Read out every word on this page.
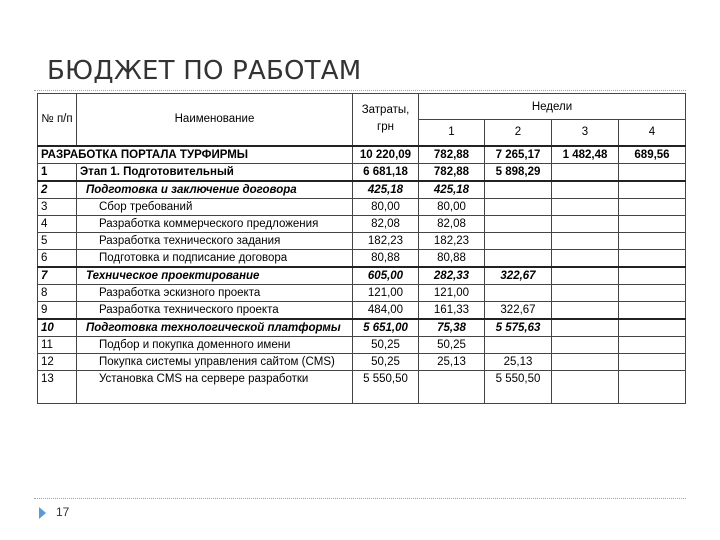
БЮДЖЕТ ПО РАБОТАМ
№ п/п	Наименование	Затраты, грн	Недели			
			1	2	3	4
РАЗРАБОТКА ПОРТАЛА ТУРФИРМЫ		10 220,09	782,88	7 265,17	1 482,48	689,56
1	Этап 1. Подготовительный	6 681,18	782,88	5 898,29		
2	Подготовка и заключение договора	425,18	425,18			
3	Сбор требований	80,00	80,00			
4	Разработка коммерческого предложения	82,08	82,08			
5	Разработка технического задания	182,23	182,23			
6	Подготовка и подписание договора	80,88	80,88			
7	Техническое проектирование	605,00	282,33	322,67		
8	Разработка эскизного проекта	121,00	121,00			
9	Разработка технического проекта	484,00	161,33	322,67		
10	Подготовка технологической платформы	5 651,00	75,38	5 575,63		
11	Подбор и покупка доменного имени	50,25	50,25			
12	Покупка системы управления сайтом (CMS)	50,25	25,13	25,13		
13	Установка CMS на сервере разработки	5 550,50		5 550,50		
17
